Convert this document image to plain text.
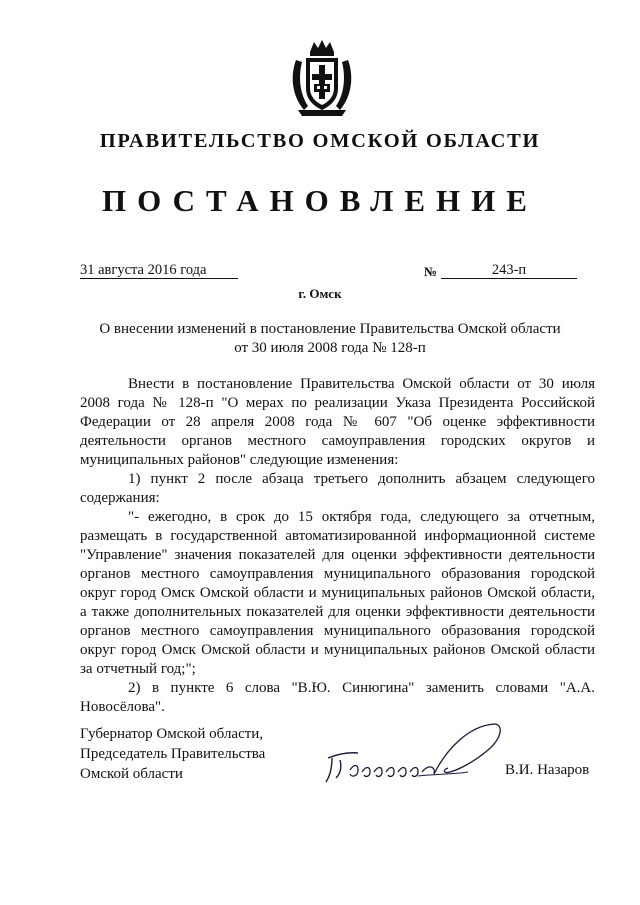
ПРАВИТЕЛЬСТВО ОМСКОЙ ОБЛАСТИ
ПОСТАНОВЛЕНИЕ
31 августа 2016 года	№	243-п
г. Омск
О внесении изменений в постановление Правительства Омской области
от 30 июля 2008 года № 128-п

Внести в постановление Правительства Омской области от 30 июля 2008 года № 128-п "О мерах по реализации Указа Президента Российской Федерации от 28 апреля 2008 года № 607 "Об оценке эффективности деятельности органов местного самоуправления городских округов и муниципальных районов" следующие изменения:

1) пункт 2 после абзаца третьего дополнить абзацем следующего содержания:

"- ежегодно, в срок до 15 октября года, следующего за отчетным, размещать в государственной автоматизированной информационной системе "Управление" значения показателей для оценки эффективности деятельности органов местного самоуправления муниципального образования городской округ город Омск Омской области и муниципальных районов Омской области, а также дополнительных показателей для оценки эффективности деятельности органов местного самоуправления муниципального образования городской округ город Омск Омской области и муниципальных районов Омской области за отчетный год;";

2) в пункте 6 слова "В.Ю. Синюгина" заменить словами "А.А. Новосёлова".

Губернатор Омской области,
Председатель Правительства
Омской области	В.И. Назаров
